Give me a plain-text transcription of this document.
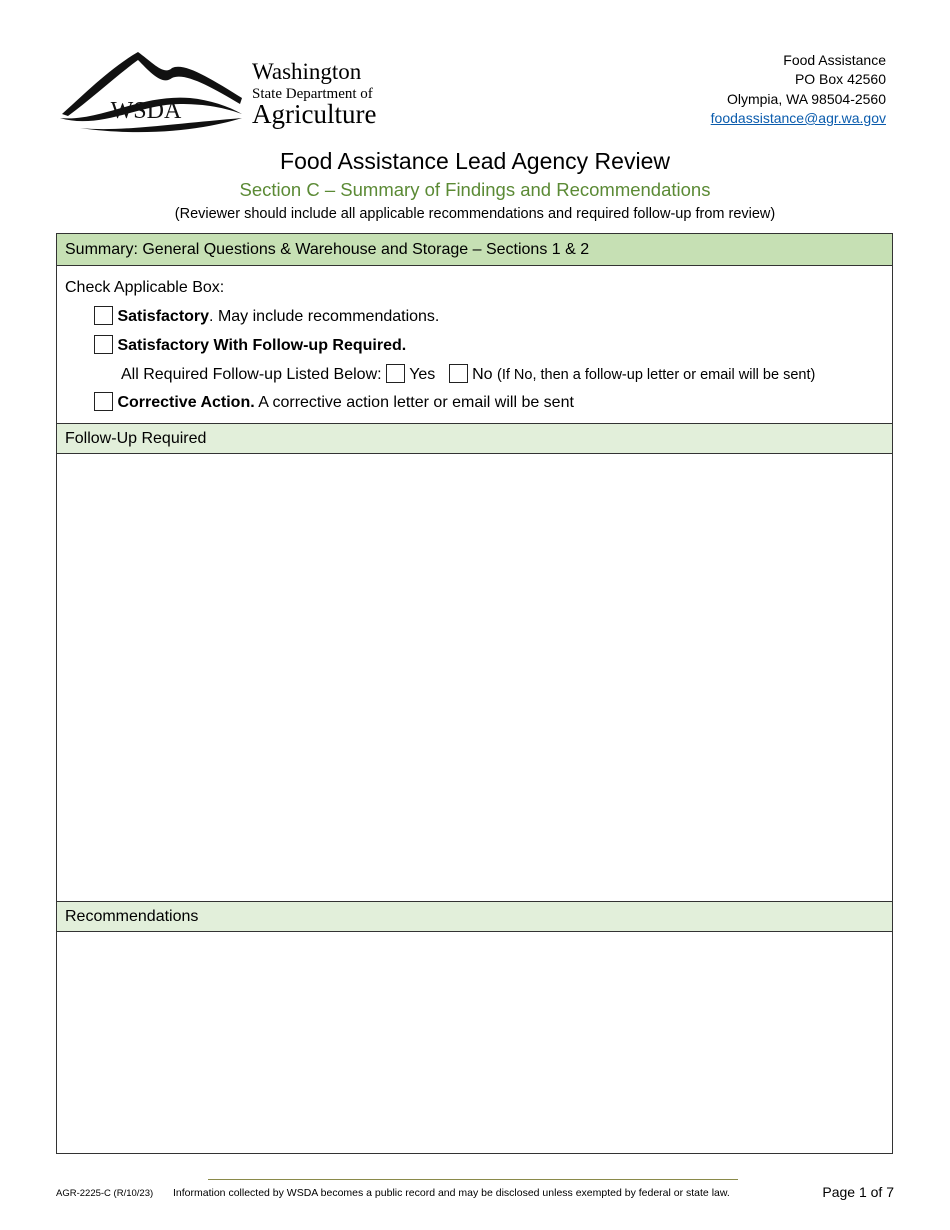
WSDA
Washington
State Department of
Agriculture
Food Assistance
PO Box 42560
Olympia, WA 98504-2560
foodassistance@agr.wa.gov
Food Assistance Lead Agency Review
Section C – Summary of Findings and Recommendations
(Reviewer should include all applicable recommendations and required follow-up from review)
Summary: General Questions & Warehouse and Storage – Sections 1 & 2
Check Applicable Box:
Satisfactory. May include recommendations.
Satisfactory With Follow-up Required.
All Required Follow-up Listed Below: Yes No (If No, then a follow-up letter or email will be sent)
Corrective Action. A corrective action letter or email will be sent
Follow-Up Required
Recommendations
AGR-2225-C (R/10/23) Information collected by WSDA becomes a public record and may be disclosed unless exempted by federal or state law.	Page 1 of 7
